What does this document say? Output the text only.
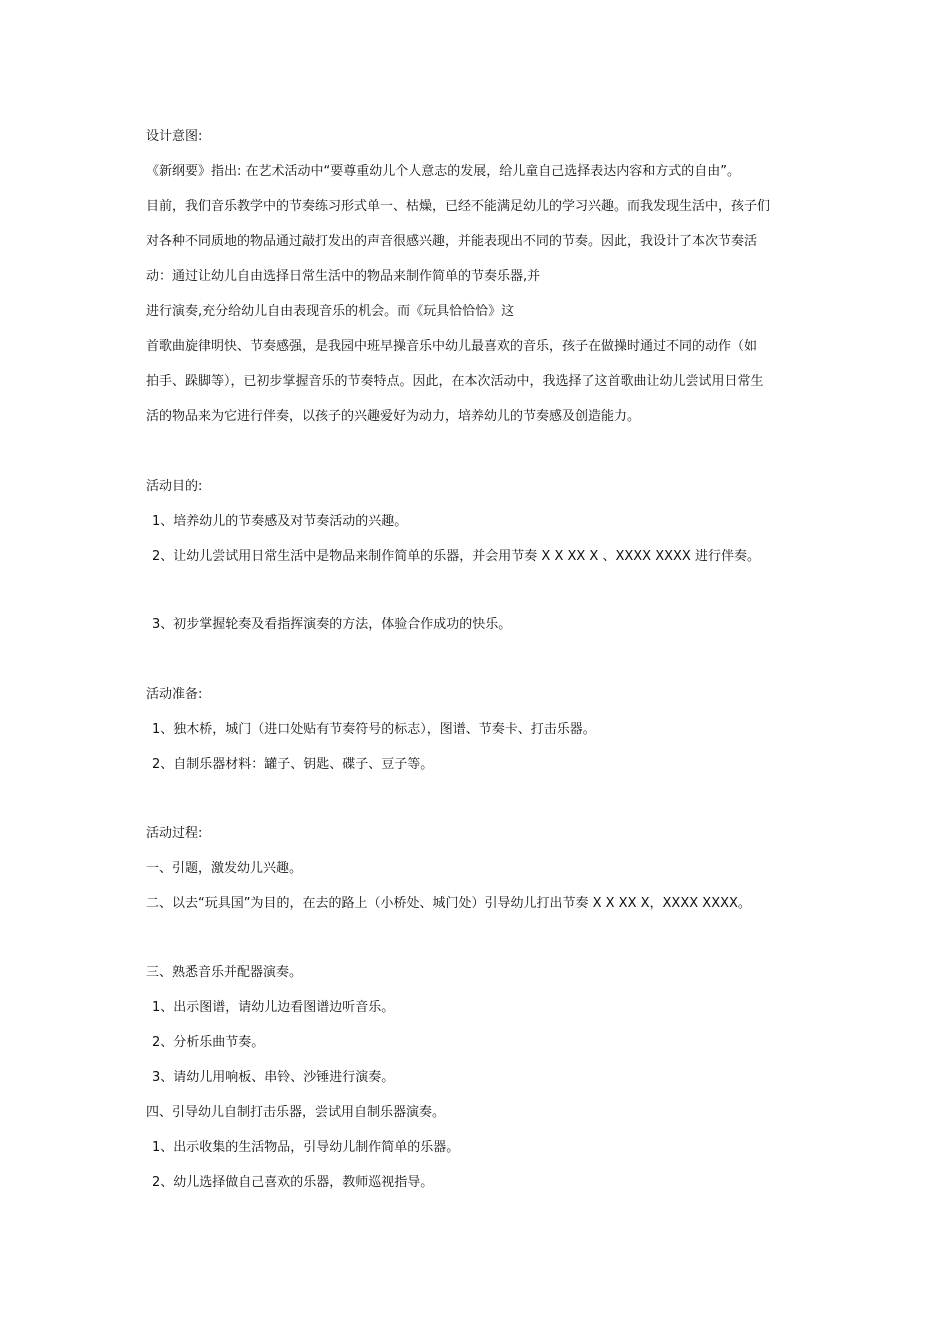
设计意图:
《新纲要》指出: 在艺术活动中“要尊重幼儿个人意志的发展，给儿童自己选择表达内容和方式的自由”。
目前，我们音乐教学中的节奏练习形式单一、枯燥，已经不能满足幼儿的学习兴趣。而我发现生活中，孩子们
对各种不同质地的物品通过敲打发出的声音很感兴趣，并能表现出不同的节奏。因此，我设计了本次节奏活
动：通过让幼儿自由选择日常生活中的物品来制作简单的节奏乐器,并
进行演奏,充分给幼儿自由表现音乐的机会。而《玩具恰恰恰》这
首歌曲旋律明快、节奏感强，是我园中班早操音乐中幼儿最喜欢的音乐，孩子在做操时通过不同的动作（如
拍手、跺脚等），已初步掌握音乐的节奏特点。因此，在本次活动中，我选择了这首歌曲让幼儿尝试用日常生
活的物品来为它进行伴奏，以孩子的兴趣爱好为动力，培养幼儿的节奏感及创造能力。
活动目的:
1、培养幼儿的节奏感及对节奏活动的兴趣。
2、让幼儿尝试用日常生活中是物品来制作简单的乐器，并会用节奏 X X XX X 、XXXX XXXX 进行伴奏。
3、初步掌握轮奏及看指挥演奏的方法，体验合作成功的快乐。
活动准备:
1、独木桥，城门（进口处贴有节奏符号的标志），图谱、节奏卡、打击乐器。
2、自制乐器材料：罐子、钥匙、碟子、豆子等。
活动过程:
一、引题，激发幼儿兴趣。
二、以去“玩具国”为目的，在去的路上（小桥处、城门处）引导幼儿打出节奏 X X XX X，XXXX XXXX。
三、熟悉音乐并配器演奏。
1、出示图谱，请幼儿边看图谱边听音乐。
2、分析乐曲节奏。
3、请幼儿用响板、串铃、沙锤进行演奏。
四、引导幼儿自制打击乐器，尝试用自制乐器演奏。
1、出示收集的生活物品，引导幼儿制作简单的乐器。
2、幼儿选择做自己喜欢的乐器，教师巡视指导。
